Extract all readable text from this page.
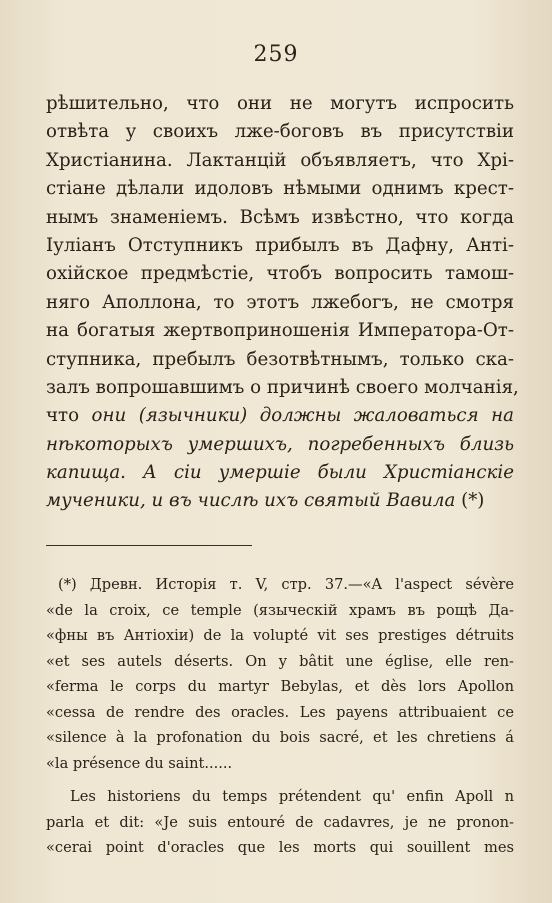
259
рѣшительно, что они не могутъ испросить
отвѣта у своихъ лже-боговъ въ присутствіи
Христіанина. Лактанцій объявляетъ, что Хрі-
стіане дѣлали идоловъ нѣмыми однимъ крест-
нымъ знаменіемъ. Всѣмъ извѣстно, что когда
Іуліанъ Отступникъ прибылъ въ Дафну, Анті-
охійское предмѣстіе, чтобъ вопросить тамош-
няго Аполлона, то этотъ лжебогъ, не смотря
на богатыя жертвоприношенія Императора-От-
ступника, пребылъ безотвѣтнымъ, только ска-
залъ вопрошавшимъ о причинѣ своего молчанія,
что они (язычники) должны жаловаться на
нѣкоторыхъ умершихъ, погребенныхъ близь
капища. А сіи умершіе были Христіанскіе
мученики, и въ числѣ ихъ святый Вавила (*)
(*) Древн. Исторія т. V, стр. 37.—«A l'aspect sévère
«de la croix, ce temple (языческій храмъ въ рощѣ Да-
«фны въ Антіохіи) de la volupté vit ses prestiges détruits
«et ses autels déserts. On y bâtit une église, elle ren-
«ferma le corps du martyr Bebylas, et dès lors Apollon
«cessa de rendre des oracles. Les payens attribuaient ce
«silence à la profonation du bois sacré, et les chretiens á
«la présence du saint......
Les historiens du temps prétendent qu' enfin Apoll n
parla et dit: «Je suis entouré de cadavres, je ne pronon-
«cerai point d'oracles que les morts qui souillent mes
